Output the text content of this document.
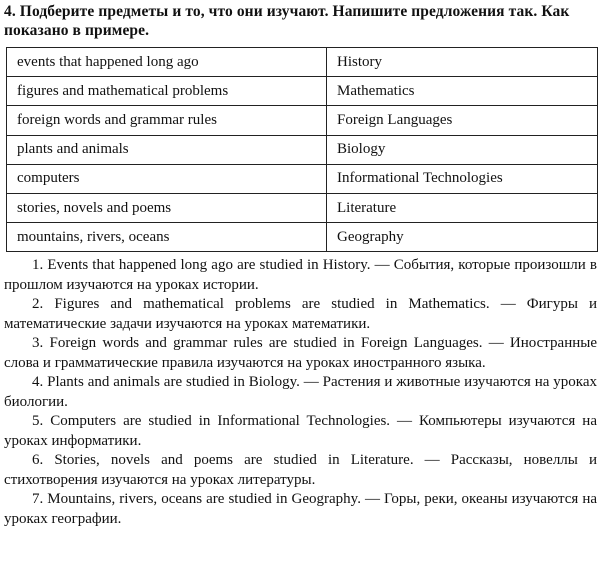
4. Подберите предметы и то, что они изучают. Напишите предложения так. Как показано в примере.
events that happened long ago	History
figures and mathematical problems	Mathematics
foreign words and grammar rules	Foreign Languages
plants and animals	Biology
computers	Informational Technologies
stories, novels and poems	Literature
mountains, rivers, oceans	Geography

1. Events that happened long ago are studied in History. — События, которые произошли в прошлом изучаются на уроках истории.

2. Figures and mathematical problems are studied in Mathematics. — Фигуры и математические задачи изучаются на уроках математики.

3. Foreign words and grammar rules are studied in Foreign Languages. — Иностранные слова и грамматические правила изучаются на уроках иностранного языка.

4. Plants and animals are studied in Biology. — Растения и животные изучаются на уроках биологии.

5. Computers are studied in Informational Technologies. — Компьютеры изучаются на уроках информатики.

6. Stories, novels and poems are studied in Literature. — Рассказы, новеллы и стихотворения изучаются на уроках литературы.

7. Mountains, rivers, oceans are studied in Geography. — Горы, реки, океаны изучаются на уроках географии.
